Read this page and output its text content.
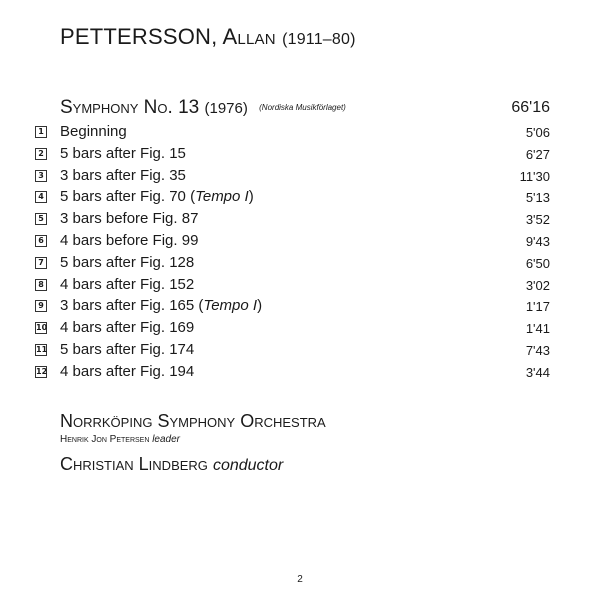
PETTERSSON, Allan (1911–80)
Symphony No. 13 (1976) (Nordiska Musikförlaget)	66'16
1 Beginning	5'06
2 5 bars after Fig. 15	6'27
3 3 bars after Fig. 35	11'30
4 5 bars after Fig. 70 (Tempo I)	5'13
5 3 bars before Fig. 87	3'52
6 4 bars before Fig. 99	9'43
7 5 bars after Fig. 128	6'50
8 4 bars after Fig. 152	3'02
9 3 bars after Fig. 165 (Tempo I)	1'17
10 4 bars after Fig. 169	1'41
11 5 bars after Fig. 174	7'43
12 4 bars after Fig. 194	3'44
Norrköping Symphony Orchestra
Henrik Jon Petersen leader
Christian Lindberg conductor
2
